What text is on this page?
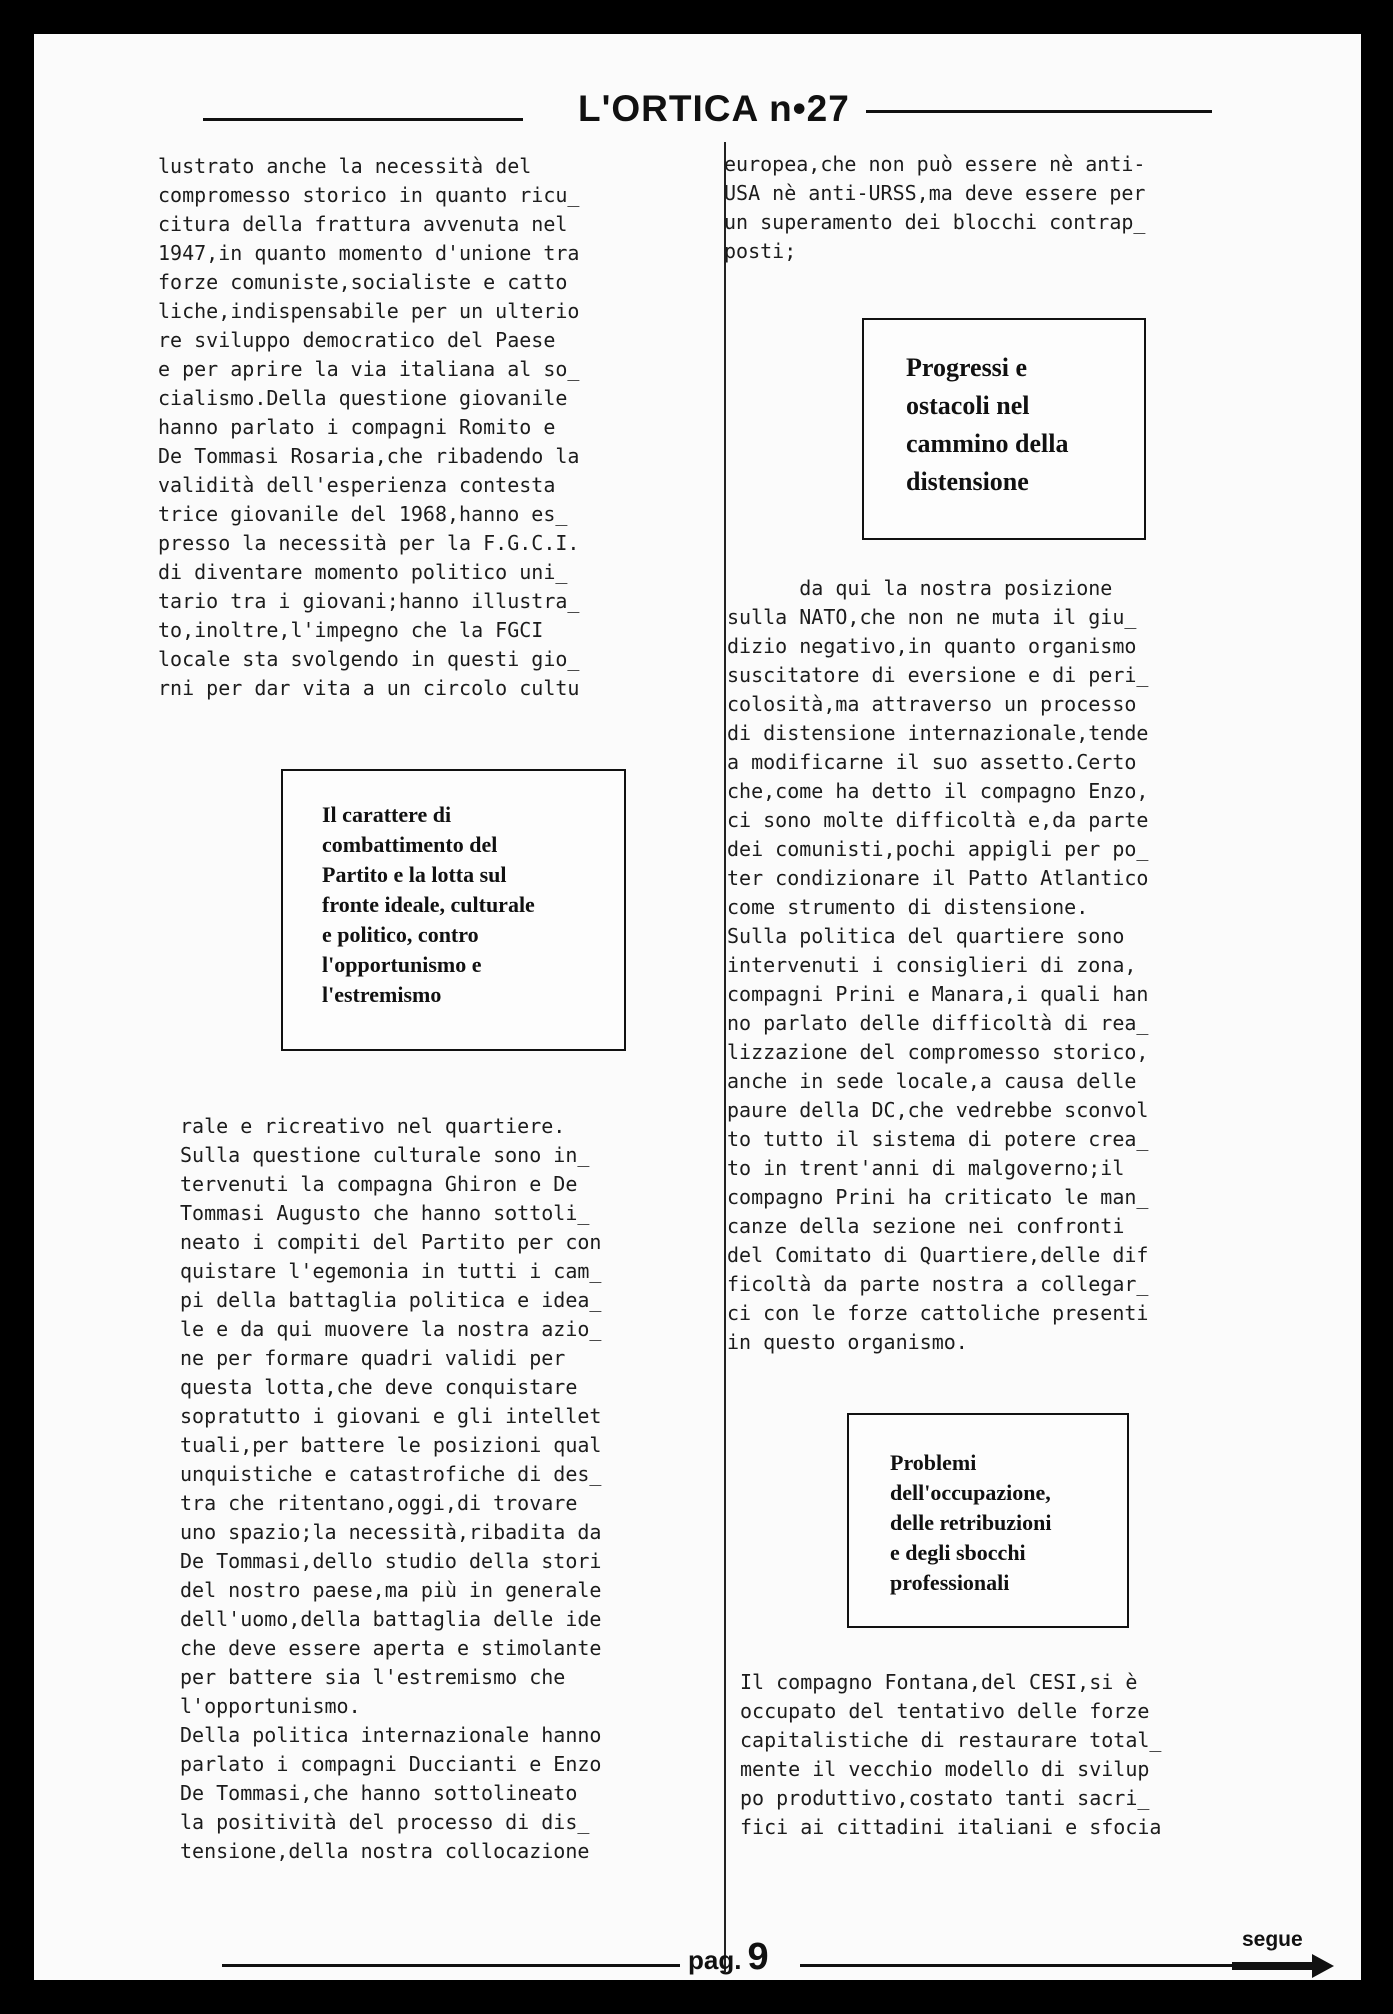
L'ORTICA n•27
lustrato anche la necessità del
compromesso storico in quanto ricu_
citura della frattura avvenuta nel
1947,in quanto momento d'unione tra
forze comuniste,socialiste e catto
liche,indispensabile per un ulterio
re sviluppo democratico del Paese
e per aprire la via italiana al so_
cialismo.Della questione giovanile
hanno parlato i compagni Romito e
De Tommasi Rosaria,che ribadendo la
validità dell'esperienza contesta
trice giovanile del 1968,hanno es_
presso la necessità per la F.G.C.I.
di diventare momento politico uni_
tario tra i giovani;hanno illustra_
to,inoltre,l'impegno che la FGCI
locale sta svolgendo in questi gio_
rni per dar vita a un circolo cultu
Il carattere di
combattimento del
Partito e la lotta sul
fronte ideale, culturale
e politico, contro
l'opportunismo e
l'estremismo
rale e ricreativo nel quartiere.
Sulla questione culturale sono in_
tervenuti la compagna Ghiron e De
Tommasi Augusto che hanno sottoli_
neato i compiti del Partito per con
quistare l'egemonia in tutti i cam_
pi della battaglia politica e idea_
le e da qui muovere la nostra azio_
ne per formare quadri validi per
questa lotta,che deve conquistare
sopratutto i giovani e gli intellet
tuali,per battere le posizioni qual
unquistiche e catastrofiche di des_
tra che ritentano,oggi,di trovare
uno spazio;la necessità,ribadita da
De Tommasi,dello studio della stori
del nostro paese,ma più in generale
dell'uomo,della battaglia delle ide
che deve essere aperta e stimolante
per battere sia l'estremismo che
l'opportunismo.
Della politica internazionale hanno
parlato i compagni Duccianti e Enzo
De Tommasi,che hanno sottolineato
la positività del processo di dis_
tensione,della nostra collocazione
europea,che non può essere nè anti-
USA nè anti-URSS,ma deve essere per
un superamento dei blocchi contrap_
posti;
Progressi e
ostacoli nel
cammino della
distensione
da qui la nostra posizione
sulla NATO,che non ne muta il giu_
dizio negativo,in quanto organismo
suscitatore di eversione e di peri_
colosità,ma attraverso un processo
di distensione internazionale,tende
a modificarne il suo assetto.Certo
che,come ha detto il compagno Enzo,
ci sono molte difficoltà e,da parte
dei comunisti,pochi appigli per po_
ter condizionare il Patto Atlantico
come strumento di distensione.
Sulla politica del quartiere sono
intervenuti i consiglieri di zona,
compagni Prini e Manara,i quali han
no parlato delle difficoltà di rea_
lizzazione del compromesso storico,
anche in sede locale,a causa delle
paure della DC,che vedrebbe sconvol
to tutto il sistema di potere crea_
to in trent'anni di malgoverno;il
compagno Prini ha criticato le man_
canze della sezione nei confronti
del Comitato di Quartiere,delle dif
ficoltà da parte nostra a collegar_
ci con le forze cattoliche presenti
in questo organismo.
Problemi
dell'occupazione,
delle retribuzioni
e degli sbocchi
professionali
Il compagno Fontana,del CESI,si è
occupato del tentativo delle forze
capitalistiche di restaurare total_
mente il vecchio modello di svilup
po produttivo,costato tanti sacri_
fici ai cittadini italiani e sfocia
pag. 9	segue
